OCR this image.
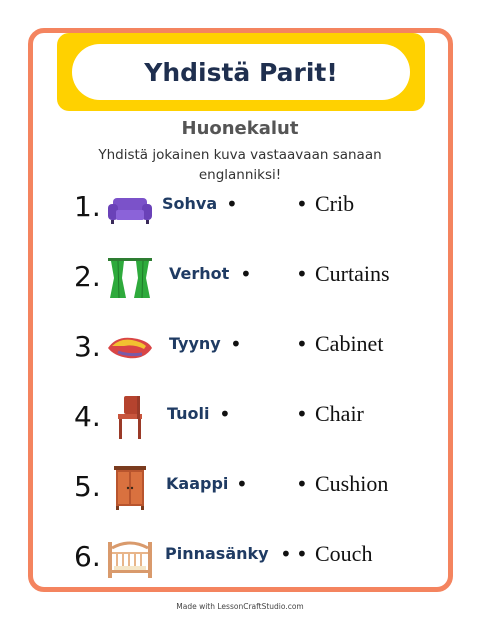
Yhdistä Parit!
Huonekalut
Yhdistä jokainen kuva vastaavaan sanaan englanniksi!
1.	Sohva •	• Crib
2.	Verhot • • Curtains
3.	Tyyny •	• Cabinet
4.	Tuoli •	• Chair
5.	Kaappi • • Cushion
6.	Pinnasänky • • Couch
Made with LessonCraftStudio.com
